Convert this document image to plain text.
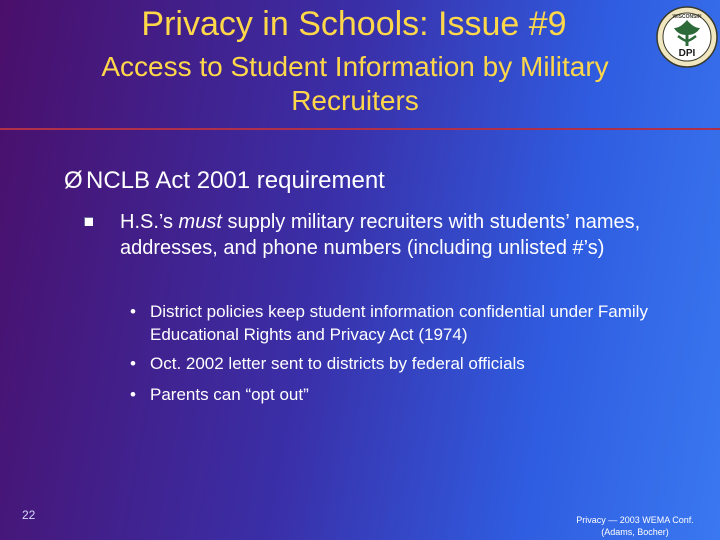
Privacy in Schools: Issue #9
Access to Student Information by Military Recruiters
WISCONSIN
DPI
Ø NCLB Act 2001 requirement
H.S.’s must supply military recruiters with students’ names, addresses, and phone numbers (including unlisted #’s)
• District policies keep student information confidential under Family Educational Rights and Privacy Act (1974)
• Oct. 2002 letter sent to districts by federal officials
• Parents can “opt out”
22	Privacy — 2003 WEMA Conf.
(Adams, Bocher)
